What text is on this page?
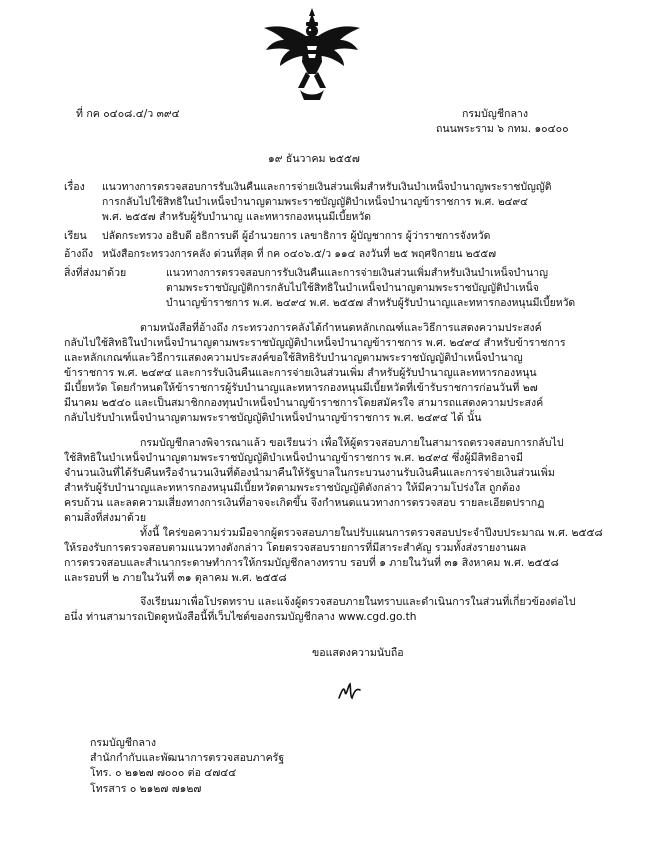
ที่ กค ๐๔๐๘.๔/ว ๓๙๔	กรมบัญชีกลาง
ถนนพระราม ๖ กทม. ๑๐๔๐๐
๑๙ ธันวาคม ๒๕๕๗
เรื่อง แนวทางการตรวจสอบการรับเงินคืนและการจ่ายเงินส่วนเพิ่มสำหรับเงินบำเหน็จบำนาญพระราชบัญญัติ
การกลับไปใช้สิทธิในบำเหน็จบำนาญตามพระราชบัญญัติบำเหน็จบำนาญข้าราชการ พ.ศ. ๒๔๙๔
พ.ศ. ๒๕๕๗ สำหรับผู้รับบำนาญ และทหารกองหนุนมีเบี้ยหวัด
เรียน ปลัดกระทรวง อธิบดี อธิการบดี ผู้อำนวยการ เลขาธิการ ผู้บัญชาการ ผู้ว่าราชการจังหวัด
อ้างถึง หนังสือกระทรวงการคลัง ด่วนที่สุด ที่ กค ๐๔๐๖.๕/ว ๑๑๔ ลงวันที่ ๒๕ พฤศจิกายน ๒๕๕๗
สิ่งที่ส่งมาด้วย	แนวทางการตรวจสอบการรับเงินคืนและการจ่ายเงินส่วนเพิ่มสำหรับเงินบำเหน็จบำนาญ
ตามพระราชบัญญัติการกลับไปใช้สิทธิในบำเหน็จบำนาญตามพระราชบัญญัติบำเหน็จ
บำนาญข้าราชการ พ.ศ. ๒๔๙๔ พ.ศ. ๒๕๕๗ สำหรับผู้รับบำนาญและทหารกองหนุนมีเบี้ยหวัด
ตามหนังสือที่อ้างถึง กระทรวงการคลังได้กำหนดหลักเกณฑ์และวิธีการแสดงความประสงค์
กลับไปใช้สิทธิในบำเหน็จบำนาญตามพระราชบัญญัติบำเหน็จบำนาญข้าราชการ พ.ศ. ๒๔๙๔ สำหรับข้าราชการ
และหลักเกณฑ์และวิธีการแสดงความประสงค์ขอใช้สิทธิรับบำนาญตามพระราชบัญญัติบำเหน็จบำนาญ
ข้าราชการ พ.ศ. ๒๔๙๔ และการรับเงินคืนและการจ่ายเงินส่วนเพิ่ม สำหรับผู้รับบำนาญและทหารกองหนุน
มีเบี้ยหวัด โดยกำหนดให้ข้าราชการผู้รับบำนาญและทหารกองหนุนมีเบี้ยหวัดที่เข้ารับราชการก่อนวันที่ ๒๗
มีนาคม ๒๕๔๐ และเป็นสมาชิกกองทุนบำเหน็จบำนาญข้าราชการโดยสมัครใจ สามารถแสดงความประสงค์
กลับไปรับบำเหน็จบำนาญตามพระราชบัญญัติบำเหน็จบำนาญข้าราชการ พ.ศ. ๒๔๙๔ ได้ นั้น
กรมบัญชีกลางพิจารณาแล้ว ขอเรียนว่า เพื่อให้ผู้ตรวจสอบภายในสามารถตรวจสอบการกลับไป
ใช้สิทธิในบำเหน็จบำนาญตามพระราชบัญญัติบำเหน็จบำนาญข้าราชการ พ.ศ. ๒๔๙๔ ซึ่งผู้มีสิทธิอาจมี
จำนวนเงินที่ได้รับคืนหรือจำนวนเงินที่ต้องนำมาคืนให้รัฐบาลในกระบวนงานรับเงินคืนและการจ่ายเงินส่วนเพิ่ม
สำหรับผู้รับบำนาญและทหารกองหนุนมีเบี้ยหวัดตามพระราชบัญญัติดังกล่าว ให้มีความโปร่งใส ถูกต้อง
ครบถ้วน และลดความเสี่ยงทางการเงินที่อาจจะเกิดขึ้น จึงกำหนดแนวทางการตรวจสอบ รายละเอียดปรากฏ
ตามสิ่งที่ส่งมาด้วย
ทั้งนี้ ใคร่ขอความร่วมมือจากผู้ตรวจสอบภายในปรับแผนการตรวจสอบประจำปีงบประมาณ พ.ศ. ๒๕๕๘
ให้รองรับการตรวจสอบตามแนวทางดังกล่าว โดยตรวจสอบรายการที่มีสาระสำคัญ รวมทั้งส่งรายงานผล
การตรวจสอบและสำเนากระดาษทำการให้กรมบัญชีกลางทราบ รอบที่ ๑ ภายในวันที่ ๓๑ สิงหาคม พ.ศ. ๒๕๕๘
และรอบที่ ๒ ภายในวันที่ ๓๑ ตุลาคม พ.ศ. ๒๕๕๘
จึงเรียนมาเพื่อโปรดทราบ และแจ้งผู้ตรวจสอบภายในทราบและดำเนินการในส่วนที่เกี่ยวข้องต่อไป
อนึ่ง ท่านสามารถเปิดดูหนังสือนี้ที่เว็บไซต์ของกรมบัญชีกลาง www.cgd.go.th
ขอแสดงความนับถือ
กรมบัญชีกลาง
สำนักกำกับและพัฒนาการตรวจสอบภาครัฐ
โทร. ๐ ๒๑๒๗ ๗๐๐๐ ต่อ ๔๗๔๔
โทรสาร ๐ ๒๑๒๗ ๗๑๒๗
